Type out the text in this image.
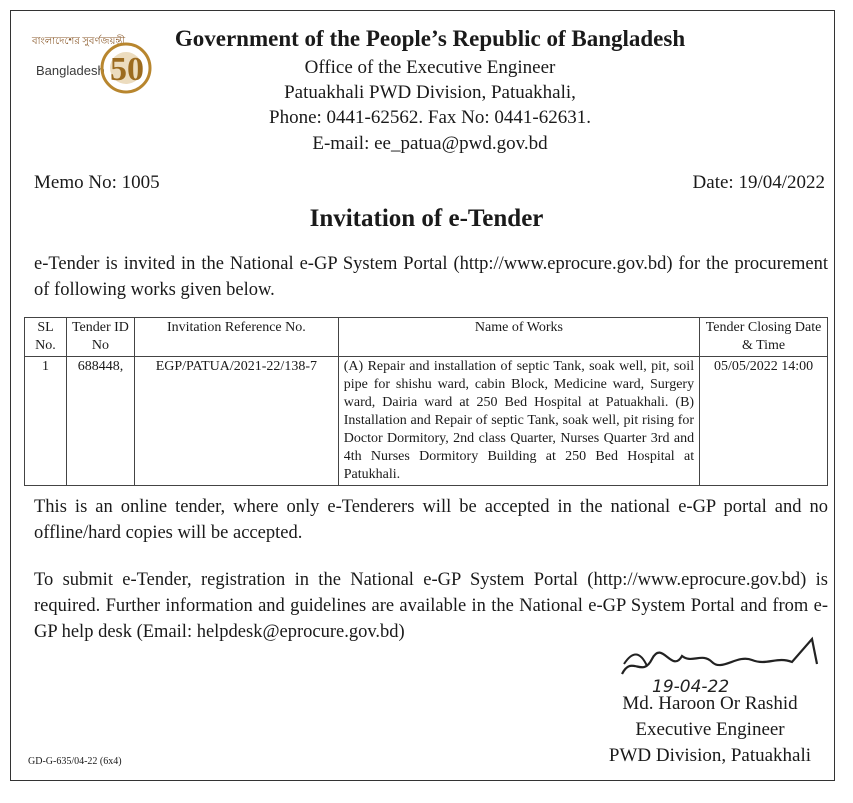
বাংলাদেশের সুবর্ণজয়ন্তী
Bangladesh 50
Government of the People’s Republic of Bangladesh
Office of the Executive Engineer
Patuakhali PWD Division, Patuakhali,
Phone: 0441-62562. Fax No: 0441-62631.
E-mail: ee_patua@pwd.gov.bd
Memo No: 1005	Date: 19/04/2022
Invitation of e-Tender
e-Tender is invited in the National e-GP System Portal (http://www.eprocure.gov.bd) for the procurement of following works given below.
SL No.	Tender ID No	Invitation Reference No.	Name of Works	Tender Closing Date & Time
1	688448,	EGP/PATUA/2021-22/138-7	(A) Repair and installation of septic Tank, soak well, pit, soil pipe for shishu ward, cabin Block, Medicine ward, Surgery ward, Dairia ward at 250 Bed Hospital at Patuakhali. (B) Installation and Repair of septic Tank, soak well, pit rising for Doctor Dormitory, 2nd class Quarter, Nurses Quarter 3rd and 4th Nurses Dormitory Building at 250 Bed Hospital at Patukhali.	05/05/2022 14:00
This is an online tender, where only e-Tenderers will be accepted in the national e-GP portal and no offline/hard copies will be accepted.
To submit e-Tender, registration in the National e-GP System Portal (http://www.eprocure.gov.bd) is required. Further information and guidelines are available in the National e-GP System Portal and from e-GP help desk (Email: helpdesk@eprocure.gov.bd)
19-04-22
Md. Haroon Or Rashid
Executive Engineer
PWD Division, Patuakhali
GD-G-635/04-22 (6x4)
